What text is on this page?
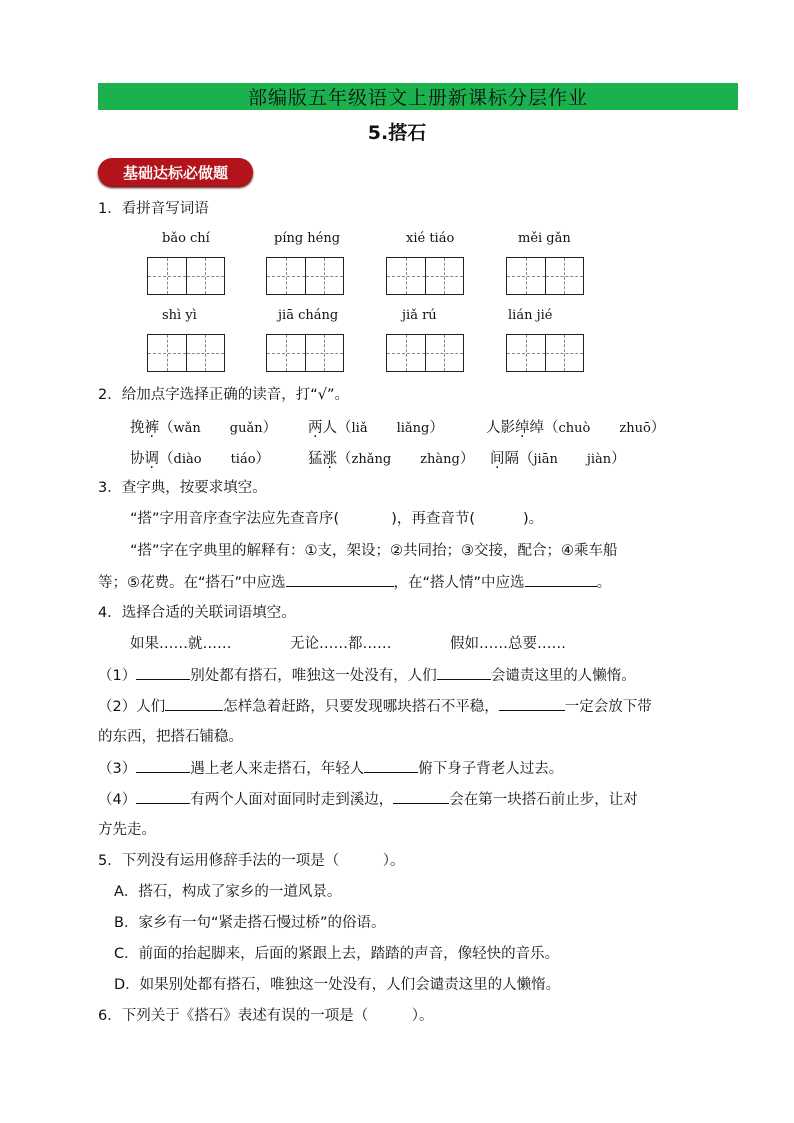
部编版五年级语文上册新课标分层作业
5.搭石
基础达标必做题
1．看拼音写词语
bǎo chí	píng héng	xié tiáo	měi gǎn
shì yì	jiā cháng	jiǎ rú	lián jié
2．给加点字选择正确的读音，打“√”。
挽裤（wǎn　　 guǎn） 两人（liǎ　　 liǎng）	人影绰绰（chuò　　 zhuō）
协调（diào　　 tiáo）	猛涨（zhǎng　　 zhàng） 间隔（jiān　　 jiàn）
3．查字典，按要求填空。
“搭”字用音序查字法应先查音序(	)，再查音节(	)。
“搭”字在字典里的解释有：①支，架设；②共同抬；③交接，配合；④乘车船
等；⑤花费。在“搭石”中应选	，在“搭人情”中应选	。
4．选择合适的关联词语填空。
如果……就……	无论……都……	假如……总要……
（1）	别处都有搭石，唯独这一处没有，人们	会谴责这里的人懒惰。
（2）人们	怎样急着赶路，只要发现哪块搭石不平稳，	一定会放下带
的东西，把搭石铺稳。
（3）	遇上老人来走搭石，年轻人	俯下身子背老人过去。
（4）	有两个人面对面同时走到溪边，	会在第一块搭石前止步，让对
方先走。
5．下列没有运用修辞手法的一项是（　　　）。
A．搭石，构成了家乡的一道风景。
B．家乡有一句“紧走搭石慢过桥”的俗语。
C．前面的抬起脚来，后面的紧跟上去，踏踏的声音，像轻快的音乐。
D．如果别处都有搭石，唯独这一处没有，人们会谴责这里的人懒惰。
6．下列关于《搭石》表述有误的一项是（　　　）。
